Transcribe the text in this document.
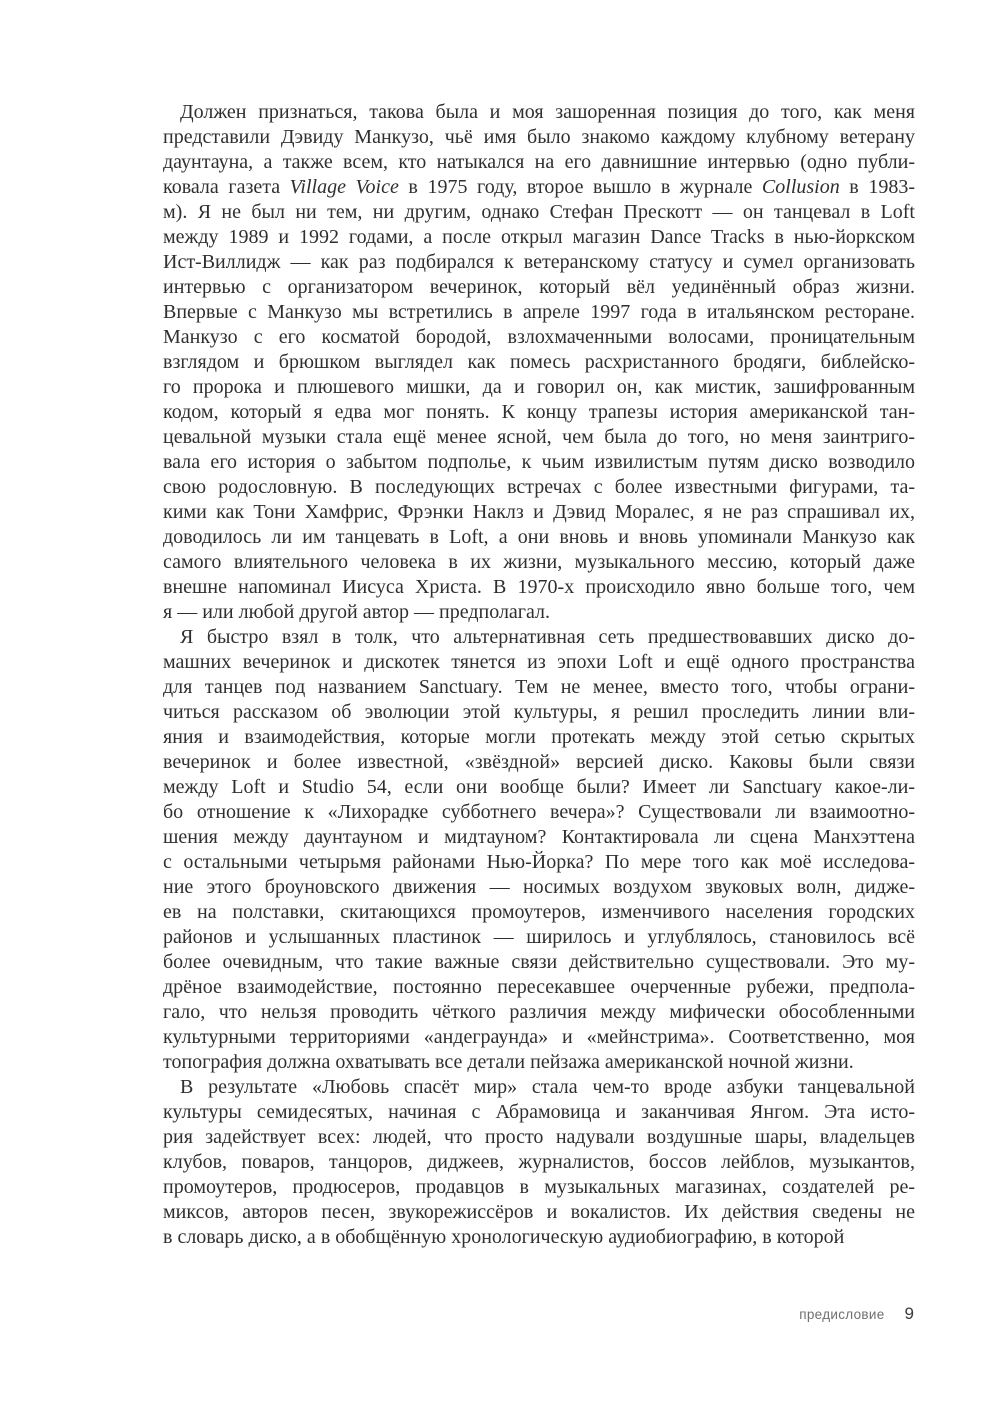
Должен признаться, такова была и моя зашоренная позиция до того, как меня
представили Дэвиду Манкузо, чьё имя было знакомо каждому клубному ветерану
даунтауна, а также всем, кто натыкался на его давнишние интервью (одно публи-
ковала газета Village Voice в 1975 году, второе вышло в журнале Collusion в 1983-
м). Я не был ни тем, ни другим, однако Стефан Прескотт — он танцевал в Loft
между 1989 и 1992 годами, а после открыл магазин Dance Tracks в нью-йоркском
Ист-Виллидж — как раз подбирался к ветеранскому статусу и сумел организовать
интервью с организатором вечеринок, который вёл уединённый образ жизни.
Впервые с Манкузо мы встретились в апреле 1997 года в итальянском ресторане.
Манкузо с его косматой бородой, взлохмаченными волосами, проницательным
взглядом и брюшком выглядел как помесь расхристанного бродяги, библейско-
го пророка и плюшевого мишки, да и говорил он, как мистик, зашифрованным
кодом, который я едва мог понять. К концу трапезы история американской тан-
цевальной музыки стала ещё менее ясной, чем была до того, но меня заинтриго-
вала его история о забытом подполье, к чьим извилистым путям диско возводило
свою родословную. В последующих встречах с более известными фигурами, та-
кими как Тони Хамфрис, Фрэнки Наклз и Дэвид Моралес, я не раз спрашивал их,
доводилось ли им танцевать в Loft, а они вновь и вновь упоминали Манкузо как
самого влиятельного человека в их жизни, музыкального мессию, который даже
внешне напоминал Иисуса Христа. В 1970-х происходило явно больше того, чем
я — или любой другой автор — предполагал.
Я быстро взял в толк, что альтернативная сеть предшествовавших диско до-
машних вечеринок и дискотек тянется из эпохи Loft и ещё одного пространства
для танцев под названием Sanctuary. Тем не менее, вместо того, чтобы ограни-
читься рассказом об эволюции этой культуры, я решил проследить линии вли-
яния и взаимодействия, которые могли протекать между этой сетью скрытых
вечеринок и более известной, «звёздной» версией диско. Каковы были связи
между Loft и Studio 54, если они вообще были? Имеет ли Sanctuary какое-ли-
бо отношение к «Лихорадке субботнего вечера»? Существовали ли взаимоотно-
шения между даунтауном и мидтауном? Контактировала ли сцена Манхэттена
с остальными четырьмя районами Нью-Йорка? По мере того как моё исследова-
ние этого броуновского движения — носимых воздухом звуковых волн, дидже-
ев на полставки, скитающихся промоутеров, изменчивого населения городских
районов и услышанных пластинок — ширилось и углублялось, становилось всё
более очевидным, что такие важные связи действительно существовали. Это му-
дрёное взаимодействие, постоянно пересекавшее очерченные рубежи, предпола-
гало, что нельзя проводить чёткого различия между мифически обособленными
культурными территориями «андеграунда» и «мейнстрима». Соответственно, моя
топография должна охватывать все детали пейзажа американской ночной жизни.
В результате «Любовь спасёт мир» стала чем-то вроде азбуки танцевальной
культуры семидесятых, начиная с Абрамовица и заканчивая Янгом. Эта исто-
рия задействует всех: людей, что просто надували воздушные шары, владельцев
клубов, поваров, танцоров, диджеев, журналистов, боссов лейблов, музыкантов,
промоутеров, продюсеров, продавцов в музыкальных магазинах, создателей ре-
миксов, авторов песен, звукорежиссёров и вокалистов. Их действия сведены не
в словарь диско, а в обобщённую хронологическую аудиобиографию, в которой
предисловие 9
